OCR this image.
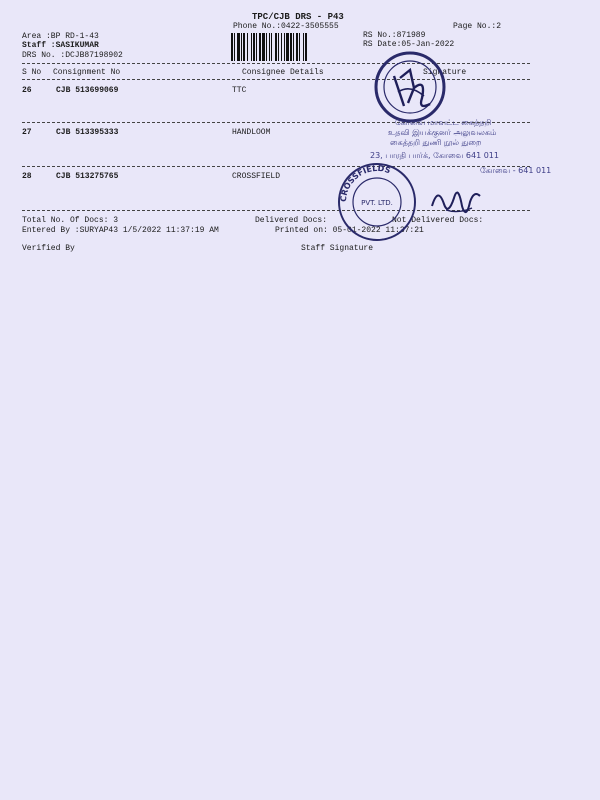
TPC/CJB DRS - P43
Phone No.:0422-3505555	Page No.:2
Area :BP RD-1-43
Staff :SASIKUMAR
DRS No. :DCJB87198902
RS No.:871989
RS Date:05-Jan-2022
S No Consignment No	Consignee Details	Signature
26	CJB 513699069	TTC
27	CJB 513395333	HANDLOOM
28	CJB 513275765	CROSSFIELD
Total No. Of Docs: 3	Delivered Docs:	Not Delivered Docs:
Entered By :SURYAP43 1/5/2022 11:37:19 AM	Printed on: 05-01-2022 11:37:21
Verified By	Staff Signature
கோவை மாவட்ட கைத்தறி
உதவி இயக்குனர் அலுவலகம்
கைத்தறி துணி நூல் துறை
23, பாரதி பார்க், கோவை 641 011
கோவை - 641 011
CROSSFIELDS
PVT. LTD.
